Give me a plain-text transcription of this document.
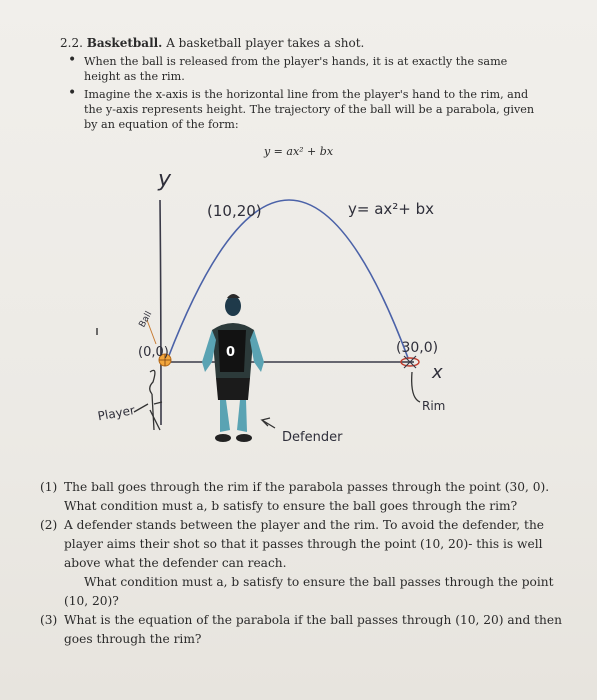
2.2. Basketball. A basketball player takes a shot.
• When the ball is released from the player's hands, it is at exactly the same height as the rim.
• Imagine the x-axis is the horizontal line from the player's hand to the rim, and the y-axis represents height. The trajectory of the ball will be a parabola, given by an equation of the form:
y = ax² + bx
0
y
(10,20)	y= ax²+ bx
(0,0)	(30,0)
x
Ball
Player
Defender
Rim
(1) The ball goes through the rim if the parabola passes through the point (30, 0). What condition must a, b satisfy to ensure the ball goes through the rim?
(2) A defender stands between the player and the rim. To avoid the defender, the player aims their shot so that it passes through the point (10, 20)- this is well above what the defender can reach.
What condition must a, b satisfy to ensure the ball passes through the point (10, 20)?
(3) What is the equation of the parabola if the ball passes through (10, 20) and then goes through the rim?
